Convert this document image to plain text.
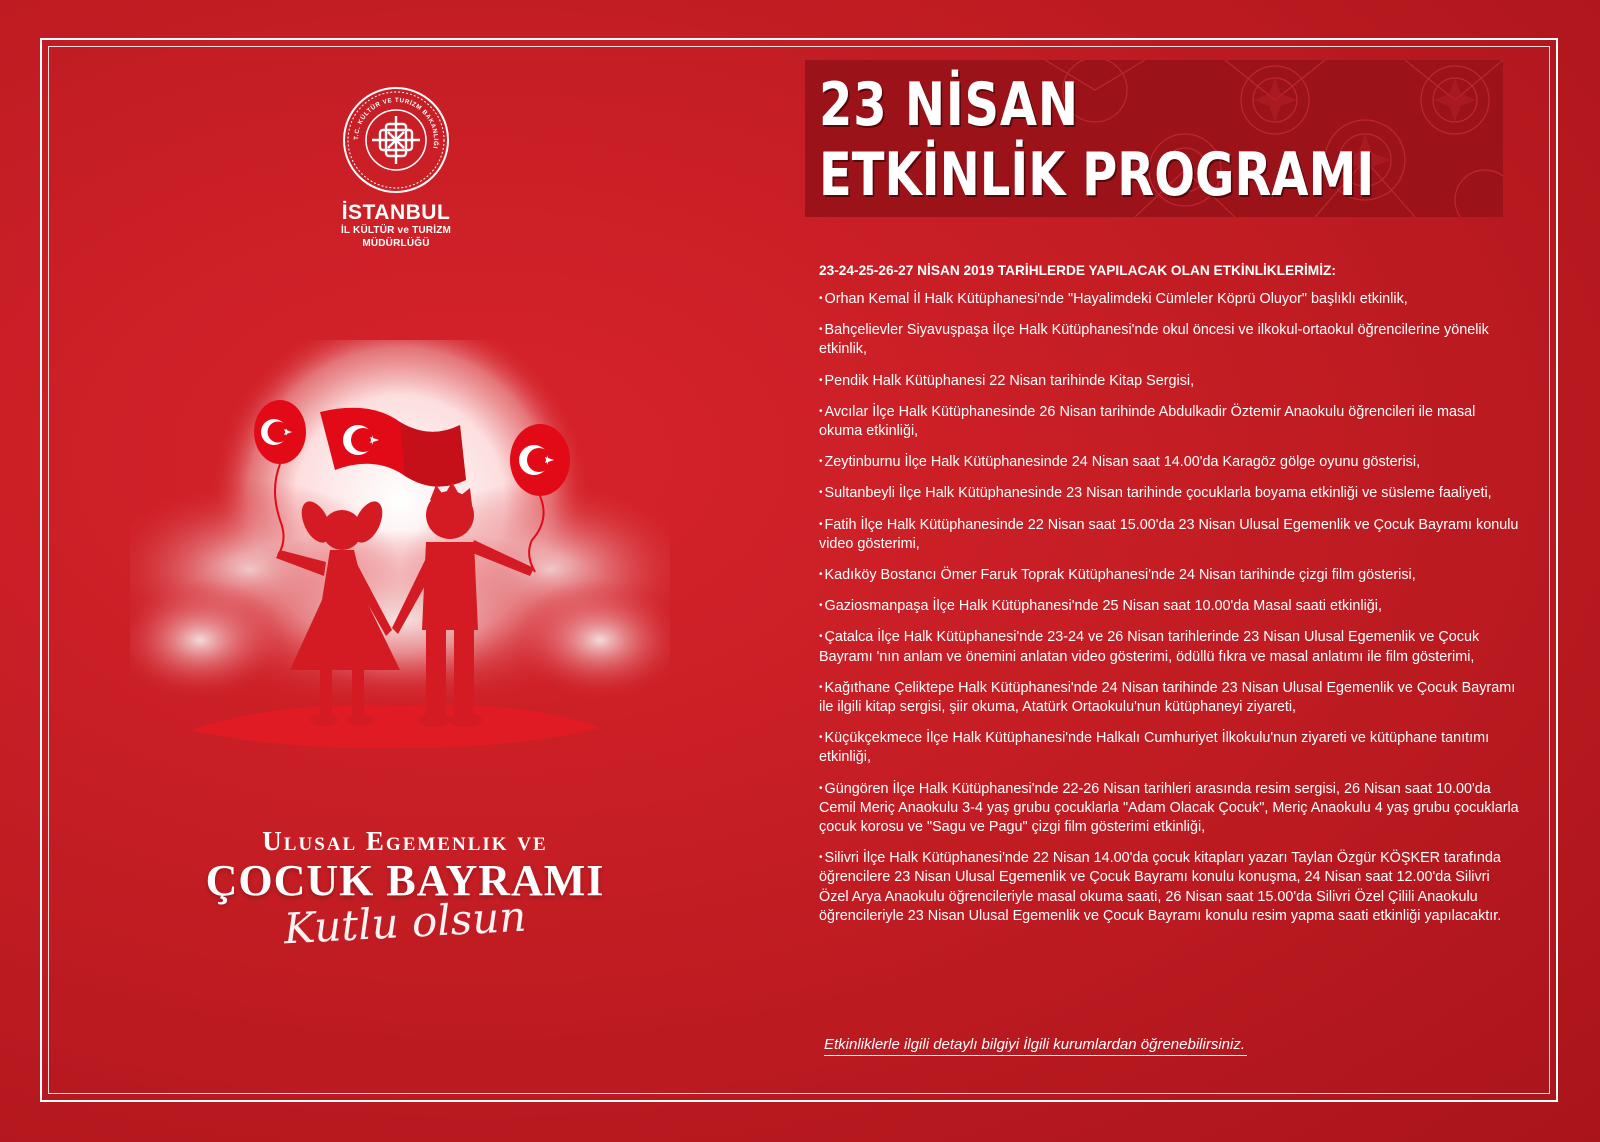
T.C. KÜLTÜR VE TURİZM BAKANLIĞI
İSTANBUL
İL KÜLTÜR ve TURİZM
MÜDÜRLÜĞÜ
Ulusal Egemenlik ve
ÇOCUK BAYRAMI
Kutlu olsun
23 NİSAN
ETKİNLİK PROGRAMI
23-24-25-26-27 NİSAN 2019 TARİHLERDE YAPILACAK OLAN ETKİNLİKLERİMİZ:
• Orhan Kemal İl Halk Kütüphanesi'nde "Hayalimdeki Cümleler Köprü Oluyor" başlıklı etkinlik,
• Bahçelievler Siyavuşpaşa İlçe Halk Kütüphanesi'nde okul öncesi ve ilkokul-ortaokul öğrencilerine yönelik etkinlik,
• Pendik Halk Kütüphanesi 22 Nisan tarihinde Kitap Sergisi,
• Avcılar İlçe Halk Kütüphanesinde 26 Nisan tarihinde Abdulkadir Öztemir Anaokulu öğrencileri ile masal okuma etkinliği,
• Zeytinburnu İlçe Halk Kütüphanesinde 24 Nisan saat 14.00'da Karagöz gölge oyunu gösterisi,
• Sultanbeyli İlçe Halk Kütüphanesinde 23 Nisan tarihinde çocuklarla boyama etkinliği ve süsleme faaliyeti,
• Fatih İlçe Halk Kütüphanesinde 22 Nisan saat 15.00'da 23 Nisan Ulusal Egemenlik ve Çocuk Bayramı konulu video gösterimi,
• Kadıköy Bostancı Ömer Faruk Toprak Kütüphanesi'nde 24 Nisan tarihinde çizgi film gösterisi,
• Gaziosmanpaşa İlçe Halk Kütüphanesi'nde 25 Nisan saat 10.00'da Masal saati etkinliği,
• Çatalca İlçe Halk Kütüphanesi'nde 23-24 ve 26 Nisan tarihlerinde 23 Nisan Ulusal Egemenlik ve Çocuk Bayramı 'nın anlam ve önemini anlatan video gösterimi, ödüllü fıkra ve masal anlatımı ile film gösterimi,
• Kağıthane Çeliktepe Halk Kütüphanesi'nde 24 Nisan tarihinde 23 Nisan Ulusal Egemenlik ve Çocuk Bayramı ile ilgili kitap sergisi, şiir okuma, Atatürk Ortaokulu'nun kütüphaneyi ziyareti,
• Küçükçekmece İlçe Halk Kütüphanesi'nde Halkalı Cumhuriyet İlkokulu'nun ziyareti ve kütüphane tanıtımı etkinliği,
• Güngören İlçe Halk Kütüphanesi'nde 22-26 Nisan tarihleri arasında resim sergisi, 26 Nisan saat 10.00'da Cemil Meriç Anaokulu 3-4 yaş grubu çocuklarla "Adam Olacak Çocuk", Meriç Anaokulu 4 yaş grubu çocuklarla çocuk korosu ve "Sagu ve Pagu" çizgi film gösterimi etkinliği,
• Silivri İlçe Halk Kütüphanesi'nde 22 Nisan 14.00'da çocuk kitapları yazarı Taylan Özgür KÖŞKER tarafında öğrencilere 23 Nisan Ulusal Egemenlik ve Çocuk Bayramı konulu konuşma, 24 Nisan saat 12.00'da Silivri Özel Arya Anaokulu öğrencileriyle masal okuma saati, 26 Nisan saat 15.00'da Silivri Özel Çilili Anaokulu öğrencileriyle 23 Nisan Ulusal Egemenlik ve Çocuk Bayramı konulu resim yapma saati etkinliği yapılacaktır.
Etkinliklerle ilgili detaylı bilgiyi İlgili kurumlardan öğrenebilirsiniz.
